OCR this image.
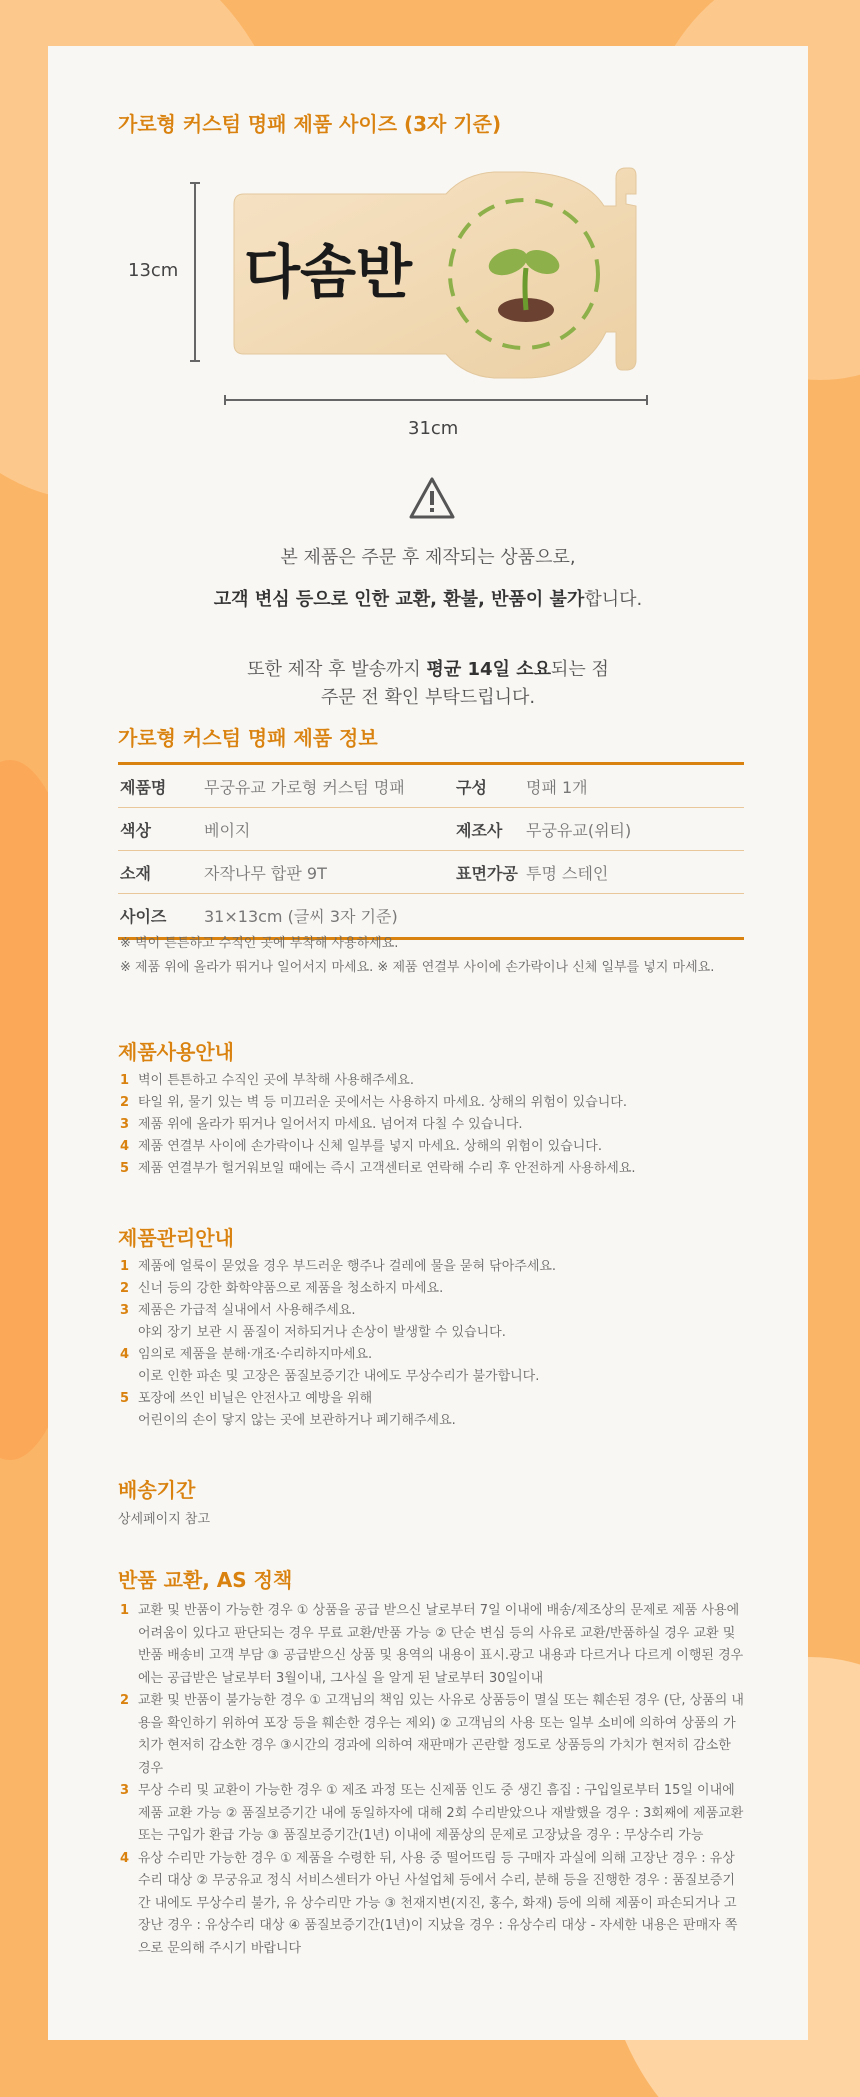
가로형 커스텀 명패 제품 사이즈 (3자 기준)
13cm
31cm
다솜반
본 제품은 주문 후 제작되는 상품으로,
고객 변심 등으로 인한 교환, 환불, 반품이 불가합니다.
또한 제작 후 발송까지 평균 14일 소요되는 점
주문 전 확인 부탁드립니다.
가로형 커스텀 명패 제품 정보
제품명	무궁유교 가로형 커스텀 명패	구성	명패 1개
색상	베이지	제조사	무궁유교(위티)
소재	자작나무 합판 9T	표면가공 투명 스테인
사이즈	31×13cm (글씨 3자 기준)
※ 벽이 튼튼하고 수직인 곳에 부착해 사용하세요.
※ 제품 위에 올라가 뛰거나 일어서지 마세요. ※ 제품 연결부 사이에 손가락이나 신체 일부를 넣지 마세요.
제품사용안내
1 벽이 튼튼하고 수직인 곳에 부착해 사용해주세요.
2 타일 위, 물기 있는 벽 등 미끄러운 곳에서는 사용하지 마세요. 상해의 위험이 있습니다.
3 제품 위에 올라가 뛰거나 일어서지 마세요. 넘어져 다칠 수 있습니다.
4 제품 연결부 사이에 손가락이나 신체 일부를 넣지 마세요. 상해의 위험이 있습니다.
5 제품 연결부가 헐거워보일 때에는 즉시 고객센터로 연락해 수리 후 안전하게 사용하세요.
제품관리안내
1 제품에 얼룩이 묻었을 경우 부드러운 행주나 걸레에 물을 묻혀 닦아주세요.
2 신너 등의 강한 화학약품으로 제품을 청소하지 마세요.
3 제품은 가급적 실내에서 사용해주세요.
야외 장기 보관 시 품질이 저하되거나 손상이 발생할 수 있습니다.
4 임의로 제품을 분해·개조·수리하지마세요.
이로 인한 파손 및 고장은 품질보증기간 내에도 무상수리가 불가합니다.
5 포장에 쓰인 비닐은 안전사고 예방을 위해
어린이의 손이 닿지 않는 곳에 보관하거나 폐기해주세요.
배송기간
상세페이지 참고
반품 교환, AS 정책
1 교환 및 반품이 가능한 경우 ① 상품을 공급 받으신 날로부터 7일 이내에 배송/제조상의 문제로 제품 사용에 어려움이 있다고 판단되는 경우 무료 교환/반품 가능 ② 단순 변심 등의 사유로 교환/반품하실 경우 교환 및 반품 배송비 고객 부담 ③ 공급받으신 상품 및 용역의 내용이 표시.광고 내용과 다르거나 다르게 이행된 경우에는 공급받은 날로부터 3월이내, 그사실 을 알게 된 날로부터 30일이내
2 교환 및 반품이 불가능한 경우 ① 고객님의 책임 있는 사유로 상품등이 멸실 또는 훼손된 경우 (단, 상품의 내용을 확인하기 위하여 포장 등을 훼손한 경우는 제외) ② 고객님의 사용 또는 일부 소비에 의하여 상품의 가치가 현저히 감소한 경우 ③시간의 경과에 의하여 재판매가 곤란할 정도로 상품등의 가치가 현저히 감소한 경우
3 무상 수리 및 교환이 가능한 경우 ① 제조 과정 또는 신제품 인도 중 생긴 흠집 : 구입일로부터 15일 이내에 제품 교환 가능 ② 품질보증기간 내에 동일하자에 대해 2회 수리받았으나 재발했을 경우 : 3회째에 제품교환 또는 구입가 환급 가능 ③ 품질보증기간(1년) 이내에 제품상의 문제로 고장났을 경우 : 무상수리 가능
4 유상 수리만 가능한 경우 ① 제품을 수령한 뒤, 사용 중 떨어뜨림 등 구매자 과실에 의해 고장난 경우 : 유상수리 대상 ② 무궁유교 정식 서비스센터가 아닌 사설업체 등에서 수리, 분해 등을 진행한 경우 : 품질보증기간 내에도 무상수리 불가, 유 상수리만 가능 ③ 천재지변(지진, 홍수, 화재) 등에 의해 제품이 파손되거나 고장난 경우 : 유상수리 대상 ④ 품질보증기간(1년)이 지났을 경우 : 유상수리 대상 - 자세한 내용은 판매자 쪽으로 문의해 주시기 바랍니다
